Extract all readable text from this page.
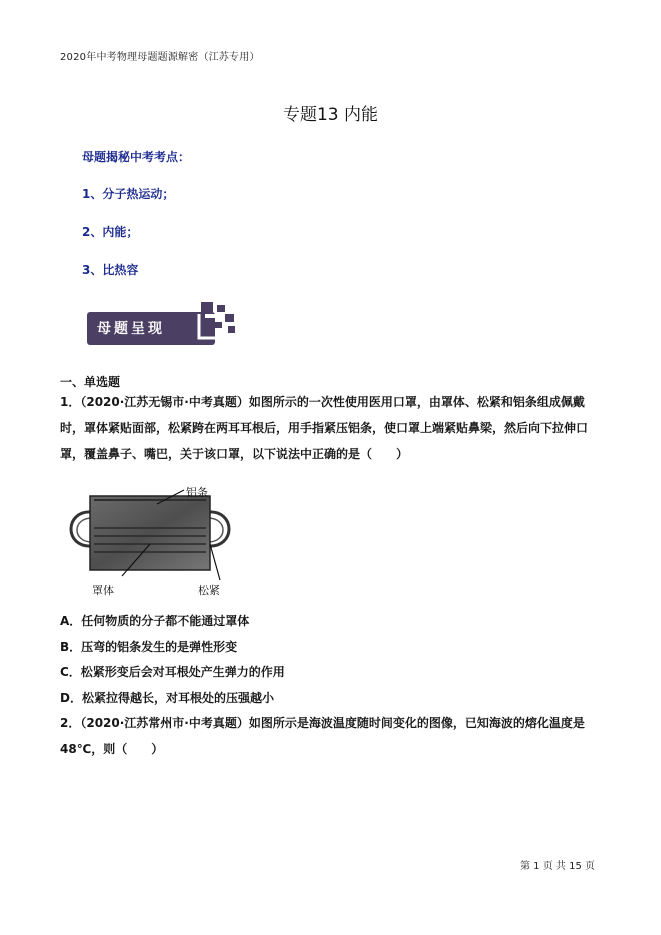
2020年中考物理母题题源解密（江苏专用）
专题13 内能
母题揭秘中考考点：
1、分子热运动；
2、内能；
3、比热容
母题呈现
一、单选题
1．（2020·江苏无锡市·中考真题）如图所示的一次性使用医用口罩，由罩体、松紧和铝条组成佩戴时，罩体紧贴面部，松紧跨在两耳耳根后，用手指紧压铝条，使口罩上端紧贴鼻梁，然后向下拉伸口罩，覆盖鼻子、嘴巴，关于该口罩，以下说法中正确的是（　　）
铝条
罩体	松紧
A．任何物质的分子都不能通过罩体
B．压弯的铝条发生的是弹性形变
C．松紧形变后会对耳根处产生弹力的作用
D．松紧拉得越长，对耳根处的压强越小
2．（2020·江苏常州市·中考真题）如图所示是海波温度随时间变化的图像，已知海波的熔化温度是48℃，则（　　）
第 1 页 共 15 页
